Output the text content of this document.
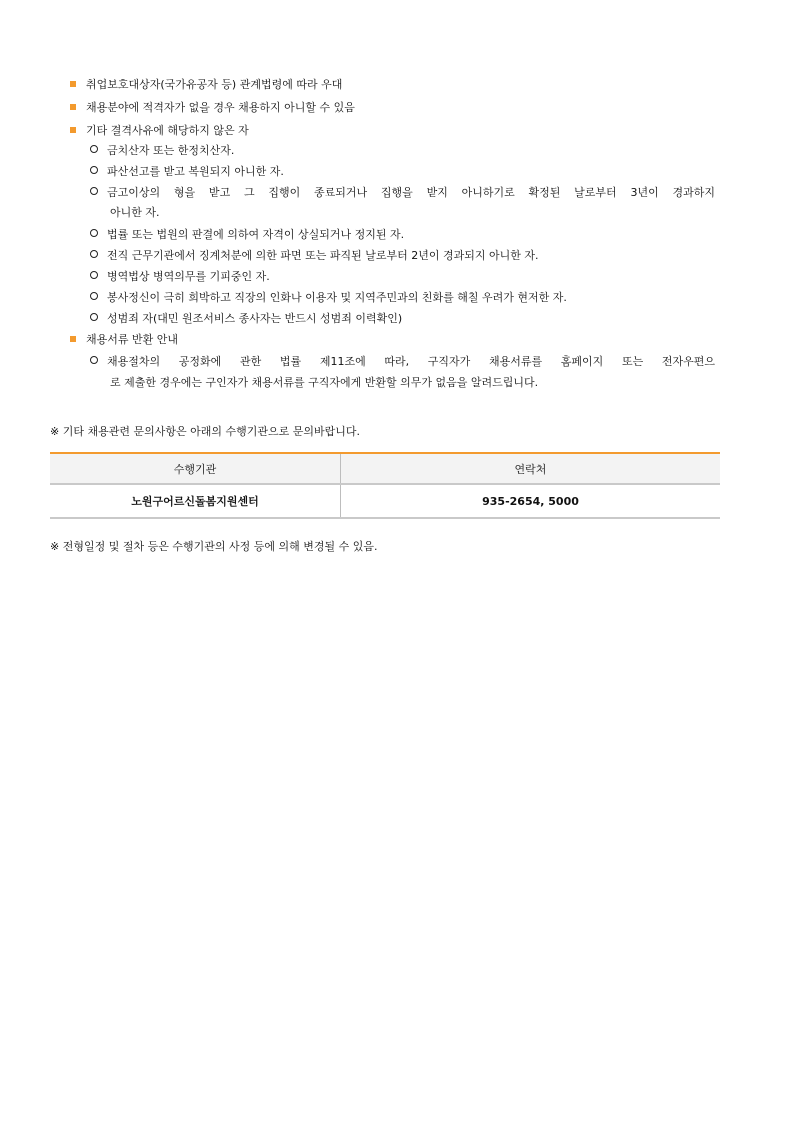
취업보호대상자(국가유공자 등) 관계법령에 따라 우대
채용분야에 적격자가 없을 경우 채용하지 아니할 수 있음
기타 결격사유에 해당하지 않은 자
금치산자 또는 한정치산자.
파산선고를 받고 복원되지 아니한 자.
금고이상의 형을 받고 그 집행이 종료되거나 집행을 받지 아니하기로 확정된 날로부터 3년이 경과하지
아니한 자.
법률 또는 법원의 판결에 의하여 자격이 상실되거나 정지된 자.
전직 근무기관에서 징계처분에 의한 파면 또는 파직된 날로부터 2년이 경과되지 아니한 자.
병역법상 병역의무를 기피중인 자.
봉사정신이 극히 희박하고 직장의 인화나 이용자 및 지역주민과의 친화를 해칠 우려가 현저한 자.
성범죄 자(대민 원조서비스 종사자는 반드시 성범죄 이력확인)
채용서류 반환 안내
채용절차의 공정화에 관한 법률 제11조에 따라, 구직자가 채용서류를 홈페이지 또는 전자우편으
로 제출한 경우에는 구인자가 채용서류를 구직자에게 반환할 의무가 없음을 알려드립니다.
※ 기타 채용관련 문의사항은 아래의 수행기관으로 문의바랍니다.
수행기관	연락처
노원구어르신돌봄지원센터	935-2654, 5000
※ 전형일정 및 절차 등은 수행기관의 사정 등에 의해 변경될 수 있음.
